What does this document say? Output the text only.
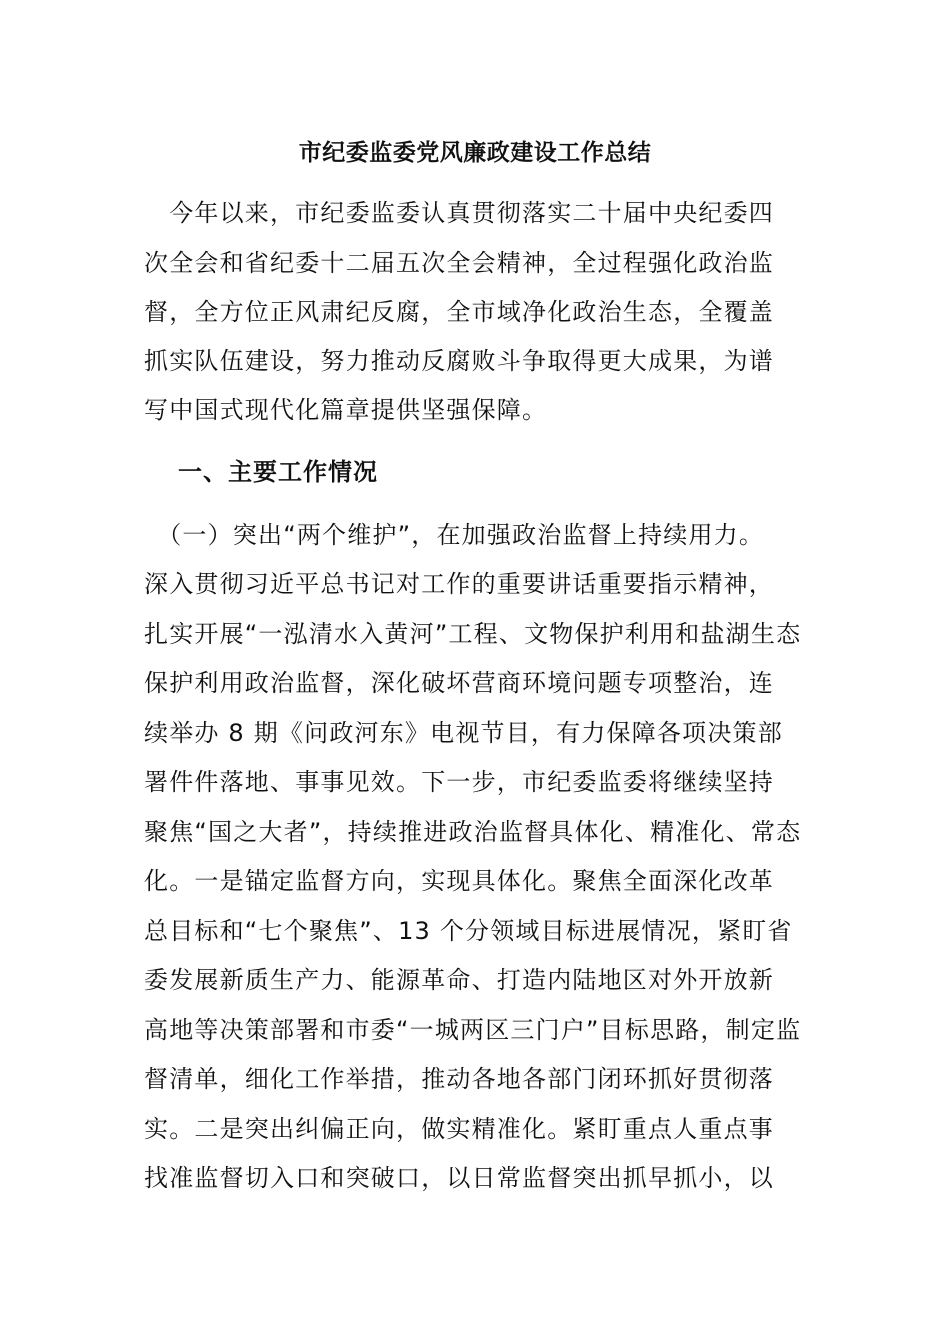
市纪委监委党风廉政建设工作总结
　今年以来，市纪委监委认真贯彻落实二十届中央纪委四
次全会和省纪委十二届五次全会精神，全过程强化政治监
督，全方位正风肃纪反腐，全市域净化政治生态，全覆盖
抓实队伍建设，努力推动反腐败斗争取得更大成果，为谱
写中国式现代化篇章提供坚强保障。
一、主要工作情况
　（一）突出“两个维护”，在加强政治监督上持续用力。
深入贯彻习近平总书记对工作的重要讲话重要指示精神，
扎实开展“一泓清水入黄河”工程、文物保护利用和盐湖生态
保护利用政治监督，深化破坏营商环境问题专项整治，连
续举办 8 期《问政河东》电视节目，有力保障各项决策部
署件件落地、事事见效。下一步，市纪委监委将继续坚持
聚焦“国之大者”，持续推进政治监督具体化、精准化、常态
化。一是锚定监督方向，实现具体化。聚焦全面深化改革
总目标和“七个聚焦”、13 个分领域目标进展情况，紧盯省
委发展新质生产力、能源革命、打造内陆地区对外开放新
高地等决策部署和市委“一城两区三门户”目标思路，制定监
督清单，细化工作举措，推动各地各部门闭环抓好贯彻落
实。二是突出纠偏正向，做实精准化。紧盯重点人重点事
找准监督切入口和突破口，以日常监督突出抓早抓小，以
